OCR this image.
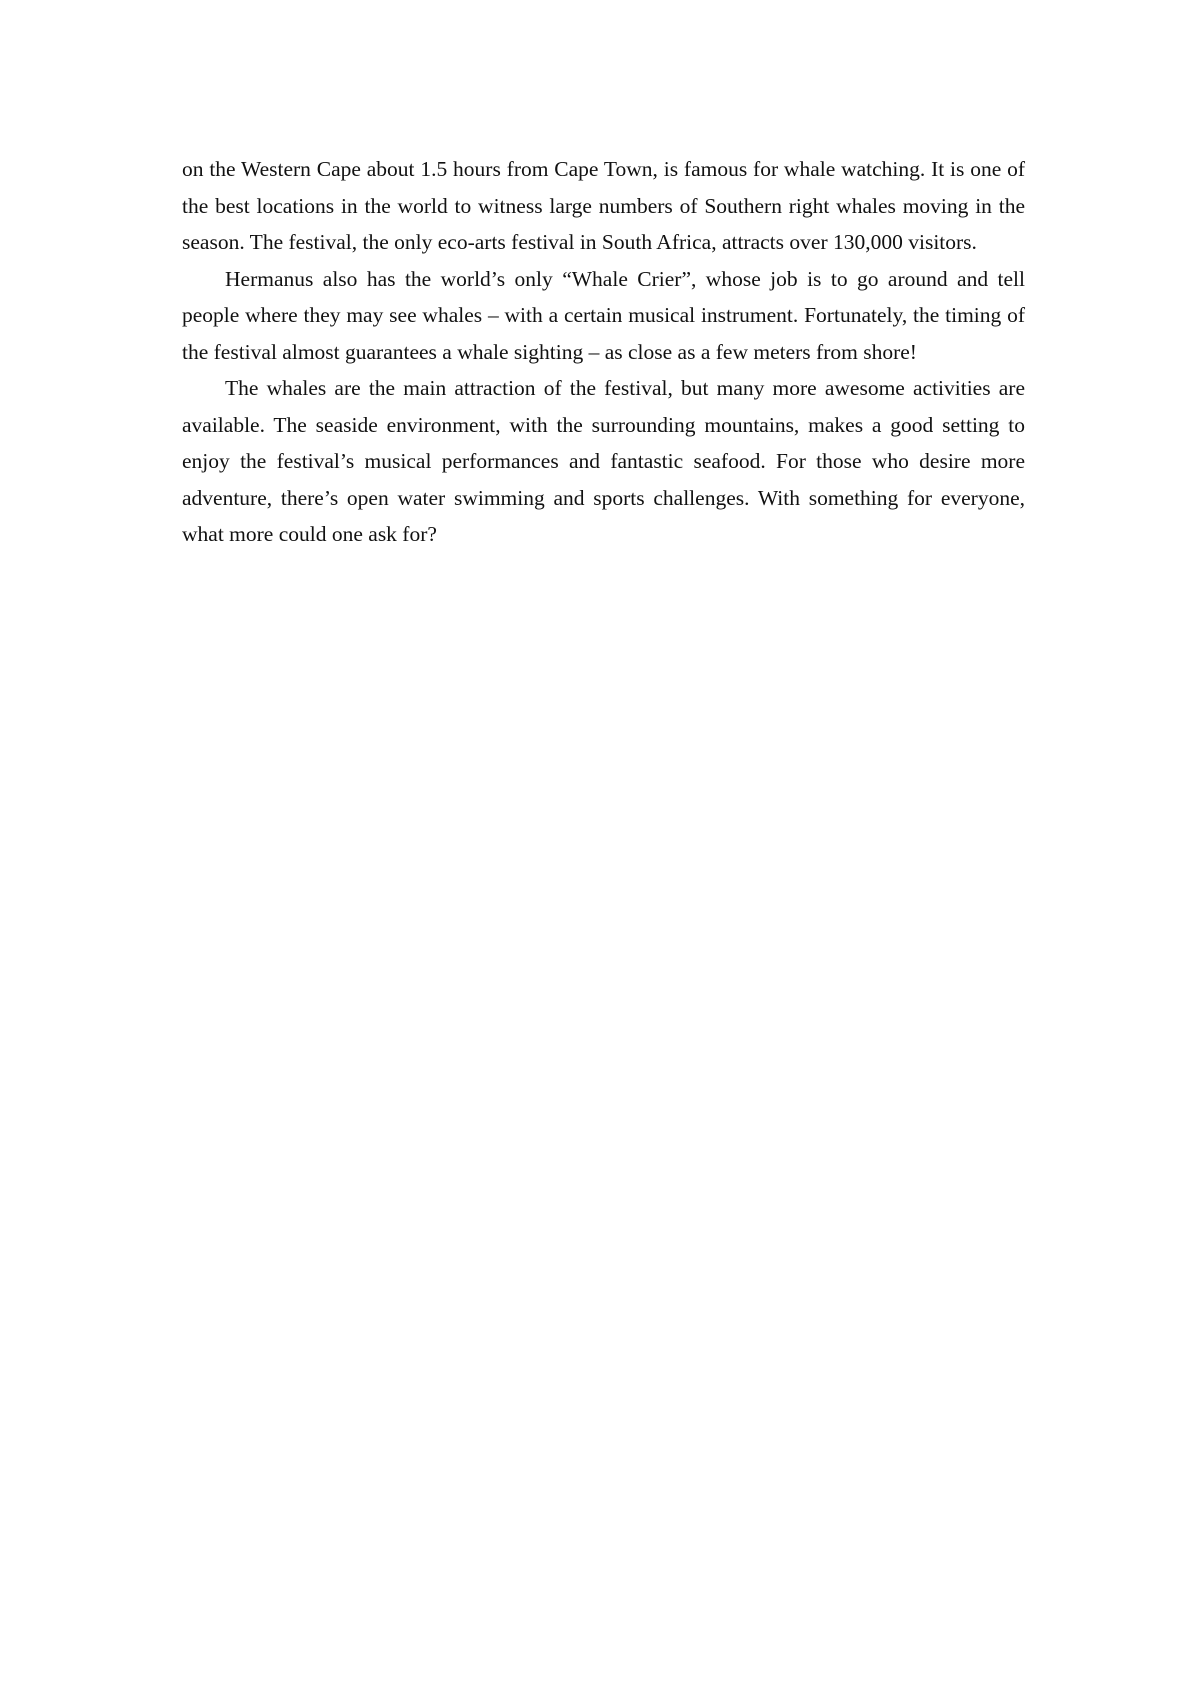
on the Western Cape about 1.5 hours from Cape Town, is famous for whale watching. It is one of the best locations in the world to witness large numbers of Southern right whales moving in the season. The festival, the only eco-arts festival in South Africa, attracts over 130,000 visitors.

Hermanus also has the world’s only “Whale Crier”, whose job is to go around and tell people where they may see whales – with a certain musical instrument. Fortunately, the timing of the festival almost guarantees a whale sighting – as close as a few meters from shore!

The whales are the main attraction of the festival, but many more awesome activities are available. The seaside environment, with the surrounding mountains, makes a good setting to enjoy the festival’s musical performances and fantastic seafood. For those who desire more adventure, there’s open water swimming and sports challenges. With something for everyone, what more could one ask for?
